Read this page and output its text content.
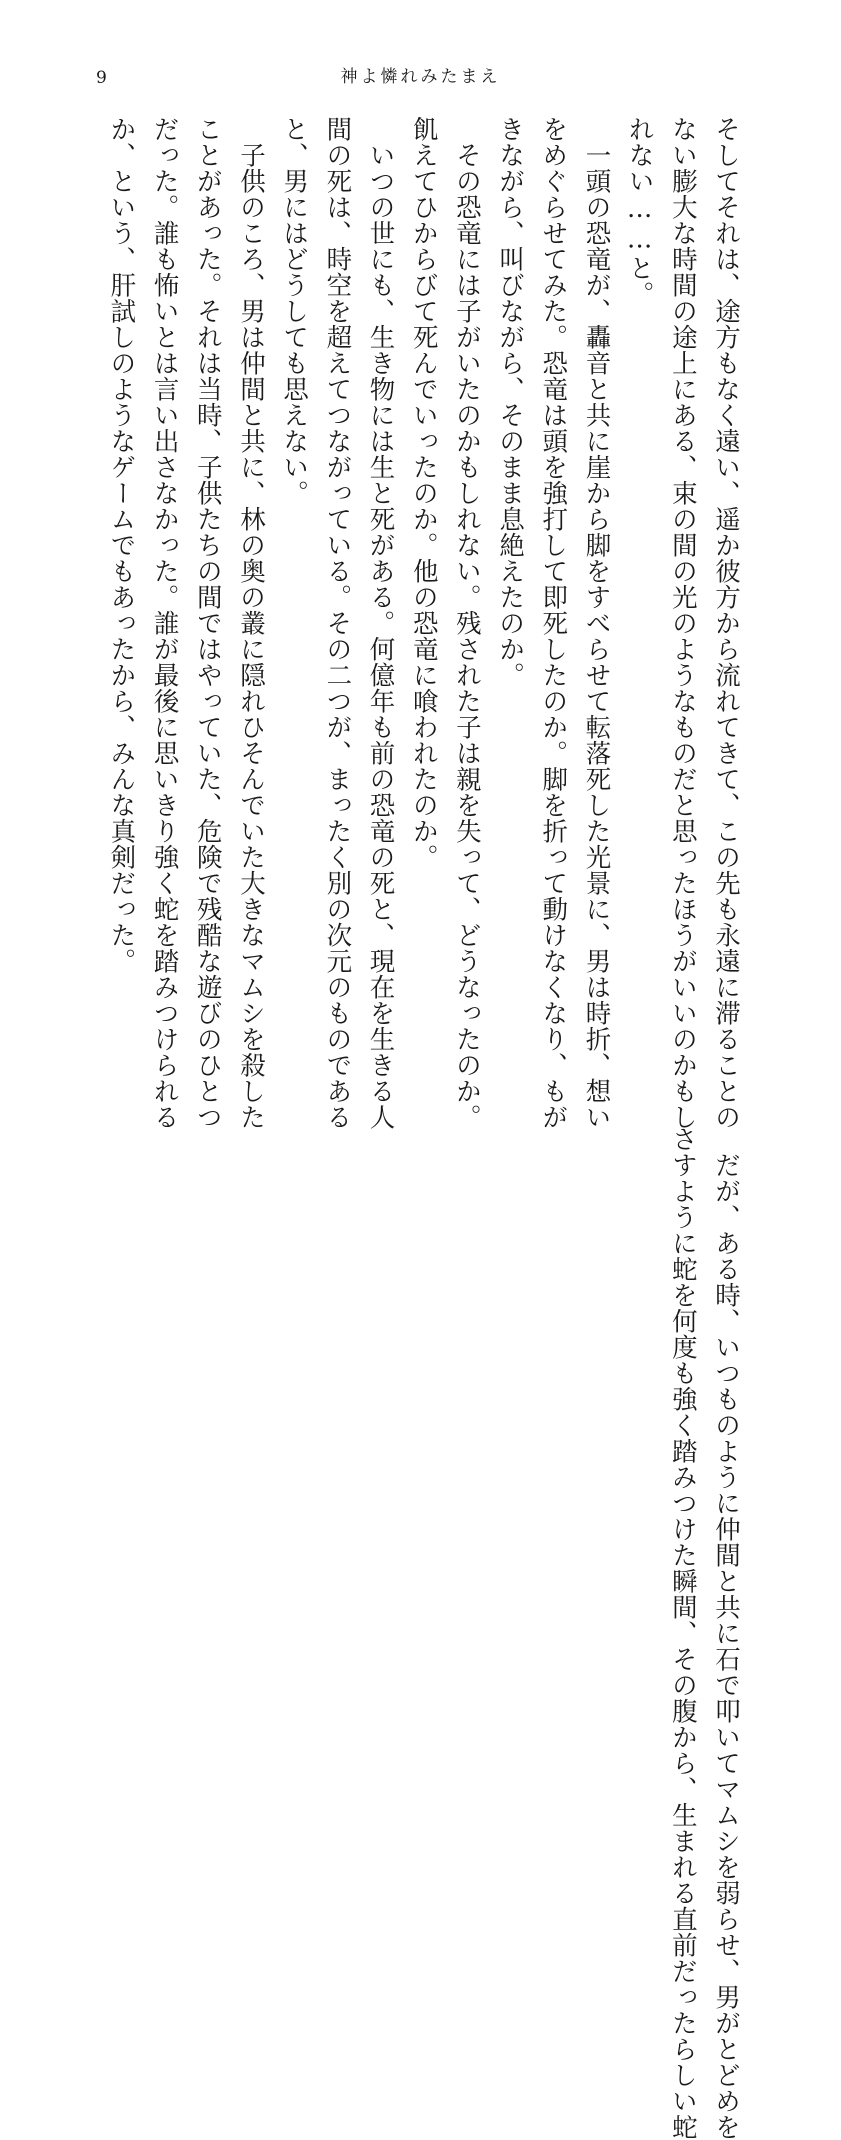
9	神よ憐れみたまえ
そしてそれは、途方もなく遠い、遥か彼方から流れてきて、この先も永遠に滞ることの
ない膨大な時間の途上にある、束の間の光のようなものだと思ったほうがいいのかもし
れない……と。
　一頭の恐竜が、轟音と共に崖から脚をすべらせて転落死した光景に、男は時折、想い
をめぐらせてみた。恐竜は頭を強打して即死したのか。脚を折って動けなくなり、もが
きながら、叫びながら、そのまま息絶えたのか。
　その恐竜には子がいたのかもしれない。残された子は親を失って、どうなったのか。
飢えてひからびて死んでいったのか。他の恐竜に喰われたのか。
　いつの世にも、生き物には生と死がある。何億年も前の恐竜の死と、現在を生きる人
間の死は、時空を超えてつながっている。その二つが、まったく別の次元のものである
と、男にはどうしても思えない。
　子供のころ、男は仲間と共に、林の奥の叢に隠れひそんでいた大きなマムシを殺した
ことがあった。それは当時、子供たちの間ではやっていた、危険で残酷な遊びのひとつ
だった。誰も怖いとは言い出さなかった。誰が最後に思いきり強く蛇を踏みつけられる
か、という、肝試しのようなゲームでもあったから、みんな真剣だった。
　だが、ある時、いつものように仲間と共に石で叩いてマムシを弱らせ、男がとどめを
さすように蛇を何度も強く踏みつけた瞬間、その腹から、生まれる直前だったらしい蛇
